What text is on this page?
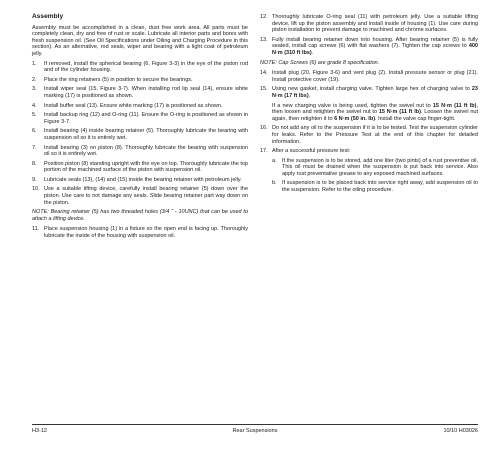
Assembly

Assembly must be accomplished in a clean, dust free work area. All parts must be completely clean, dry and free of rust or scale. Lubricate all interior parts and bores with fresh suspension oil. (See Oil Specifications under Oiling and Charging Procedure in this section). As an alternative, rod seals, wiper and bearing with a light coat of petroleum jelly.

1.	If removed, install the spherical bearing (6, Figure 3-3) in the eye of the piston rod and of the cylinder housing.
2.	Place the ring retainers (5) in position to secure the bearings.
3.	Install wiper seal (15, Figure 3-7). When installing rod lip seal (14), ensure white marking (17) is positioned as shown.
4.	Install buffer seal (13). Ensure white marking (17) is positioned as shown.
5.	Install backup ring (12) and O-ring (11). Ensure the O-ring is positioned as shown in Figure 3-7.
6.	Install bearing (4) inside bearing retainer (5). Thoroughly lubricate the bearing with suspension oil so it is entirely wet.
7.	Install bearing (3) on piston (8). Thoroughly lubricate the bearing with suspension oil so it is entirely wet.
8.	Position piston (8) standing upright with the eye on top. Thoroughly lubricate the top portion of the machined surface of the piston with suspension oil.
9.	Lubricate seals (13), (14) and (15) inside the bearing retainer with petroleum jelly.
10. Use a suitable lifting device, carefully install bearing retainer (5) down over the piston. Use care to not damage any seals. Slide bearing retainer part way down on the piston.
NOTE: Bearing retainer (5) has two threaded holes (3/4 " - 10UNC) that can be used to attach a lifting device.
11. Place suspension housing (1) in a fixture so the open end is facing up. Thoroughly lubricate the inside of the housing with suspension oil.
12. Thoroughly lubricate O-ring seal (11) with petroleum jelly. Use a suitable lifting device, lift up the piston assembly and install inside of housing (1). Use care during piston installation to prevent damage to machined and chrome surfaces.
13. Fully install bearing retainer down into housing. After bearing retainer (5) is fully seated, install cap screws (6) with flat washers (7). Tighten the cap screws to 400 N·m (310 ft lbs).
NOTE: Cap Screws (6) are grade 8 specification.
14. Install plug (20, Figure 3-6) and vent plug (2). Install pressure sensor or plug (21). Install protective cover (19).
15. Using new gasket, install charging valve. Tighten large hex of charging valve to 23 N·m (17 ft lbs).
If a new charging valve is being used, tighten the swivel nut to 15 N·m (11 ft lb), then loosen and retighten the swivel nut to 15 N·m (11 ft lb). Loosen the swivel nut again, then retighten it to 6 N·m (50 in. lb). Install the valve cap finger-tight.
16. Do not add any oil to the suspension if it is to be tested. Test the suspension cylinder for leaks. Refer to the Pressure Test at the end of this chapter for detailed information.
17. After a successful pressure test:
a. If the suspension is to be stored, add one liter (two pints) of a rust preventive oil. This oil must be drained when the suspension is put back into service. Also apply rust preventative grease to any exposed machined surfaces.
b. If suspension is to be placed back into service right away, add suspension oil to the suspension. Refer to the oiling procedure.
H3-12	Rear Suspensions	10/10 H03026
